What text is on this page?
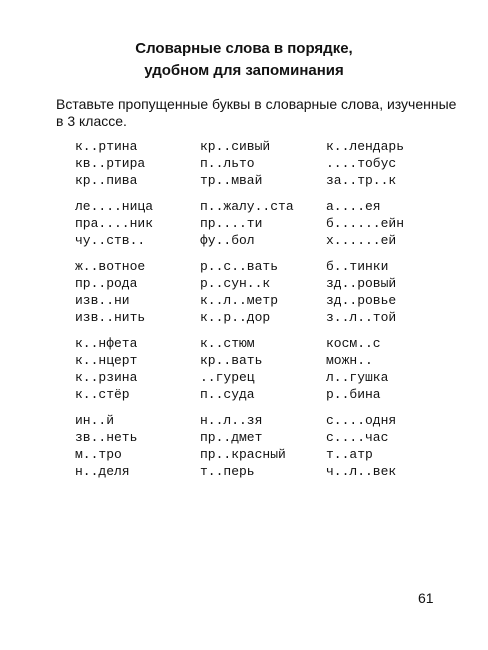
Словарные слова в порядке,
удобном для запоминания
Вставьте пропущенные буквы в словарные слова, изученные
в 3 классе.
к..ртина	кр..сивый	к..лендарь
кв..ртира	п..льто	....тобус
кр..пива	тр..мвай	за..тр..к
ле....ница	п..жалу..ста	а....ея
пра....ник	пр....ти	б......ейн
чу..ств..	фу..бол	х......ей
ж..вотное	р..с..вать	б..тинки
пр..рода	р..сун..к	зд..ровый
изв..ни	к..л..метр	зд..ровье
изв..нить	к..р..дор	з..л..той
к..нфета	к..стюм	косм..с
к..нцерт	кр..вать	можн..
к..рзина	..гурец	л..гушка
к..стёр	п..суда	р..бина
ин..й	н..л..зя	с....одня
зв..неть	пр..дмет	с....час
м..тро	пр..красный	т..атр
н..деля	т..перь	ч..л..век
61
